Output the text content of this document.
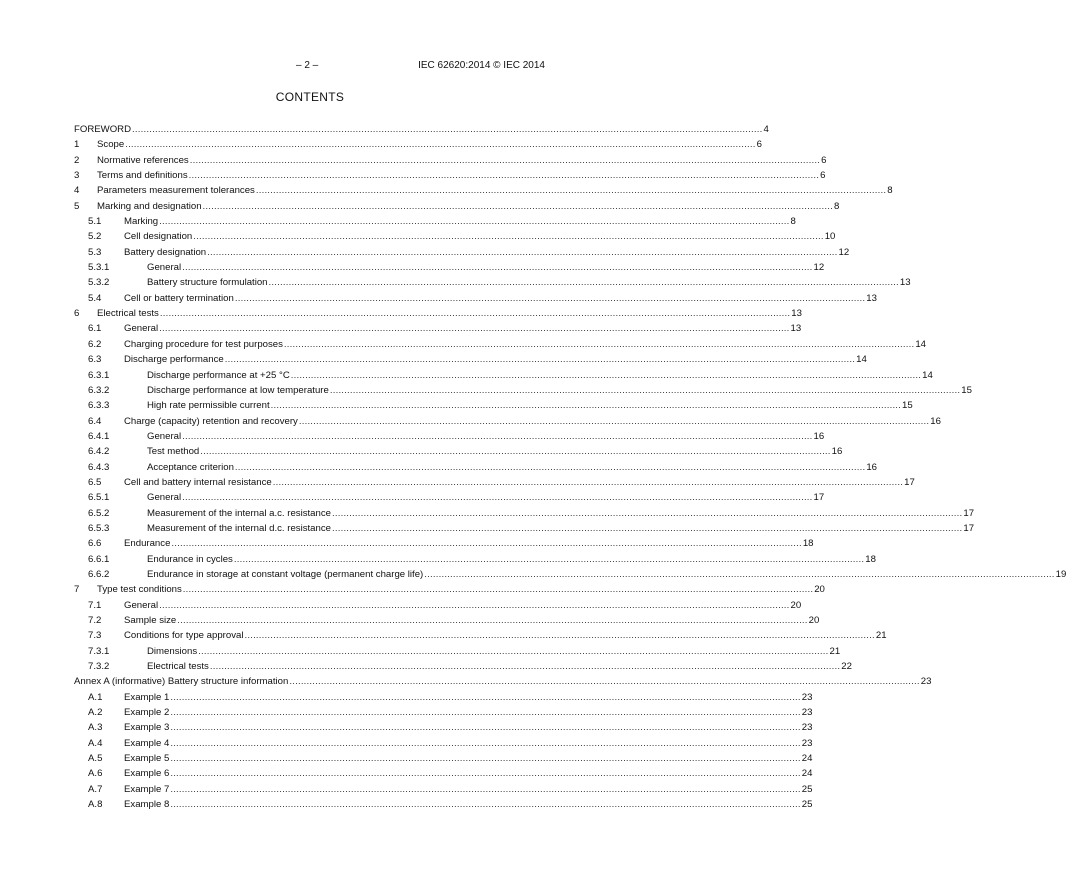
– 2 –	IEC 62620:2014 © IEC 2014
CONTENTS
FOREWORD ............................................................................................................................................................................................................................ 4
1 Scope ............................................................................................................................................................................................................................ 6
2 Normative references ............................................................................................................................................................................................................................ 6
3 Terms and definitions ............................................................................................................................................................................................................................ 6
4 Parameters measurement tolerances ............................................................................................................................................................................................................................ 8
5 Marking and designation ............................................................................................................................................................................................................................ 8
5.1 Marking ............................................................................................................................................................................................................................ 8
5.2 Cell designation ............................................................................................................................................................................................................................ 10
5.3 Battery designation ............................................................................................................................................................................................................................ 12
5.3.1	General ............................................................................................................................................................................................................................ 12
5.3.2	Battery structure formulation ............................................................................................................................................................................................................................ 13
5.4 Cell or battery termination ............................................................................................................................................................................................................................ 13
6 Electrical tests ............................................................................................................................................................................................................................ 13
6.1 General ............................................................................................................................................................................................................................ 13
6.2 Charging procedure for test purposes ............................................................................................................................................................................................................................ 14
6.3 Discharge performance ............................................................................................................................................................................................................................ 14
6.3.1	Discharge performance at +25 °C ............................................................................................................................................................................................................................ 14
6.3.2	Discharge performance at low temperature ............................................................................................................................................................................................................................ 15
6.3.3	High rate permissible current ............................................................................................................................................................................................................................ 15
6.4 Charge (capacity) retention and recovery ............................................................................................................................................................................................................................ 16
6.4.1	General ............................................................................................................................................................................................................................ 16
6.4.2	Test method ............................................................................................................................................................................................................................ 16
6.4.3	Acceptance criterion ............................................................................................................................................................................................................................ 16
6.5 Cell and battery internal resistance ............................................................................................................................................................................................................................ 17
6.5.1	General ............................................................................................................................................................................................................................ 17
6.5.2	Measurement of the internal a.c. resistance ............................................................................................................................................................................................................................ 17
6.5.3	Measurement of the internal d.c. resistance ............................................................................................................................................................................................................................ 17
6.6 Endurance ............................................................................................................................................................................................................................ 18
6.6.1	Endurance in cycles ............................................................................................................................................................................................................................ 18
6.6.2	Endurance in storage at constant voltage (permanent charge life) ............................................................................................................................................................................................................................ 19
7 Type test conditions ............................................................................................................................................................................................................................ 20
7.1 General ............................................................................................................................................................................................................................ 20
7.2 Sample size ............................................................................................................................................................................................................................ 20
7.3 Conditions for type approval ............................................................................................................................................................................................................................ 21
7.3.1	Dimensions ............................................................................................................................................................................................................................ 21
7.3.2	Electrical tests ............................................................................................................................................................................................................................ 22
Annex A (informative) Battery structure information ............................................................................................................................................................................................................................ 23
A.1 Example 1 ............................................................................................................................................................................................................................ 23
A.2 Example 2 ............................................................................................................................................................................................................................ 23
A.3 Example 3 ............................................................................................................................................................................................................................ 23
A.4 Example 4 ............................................................................................................................................................................................................................ 23
A.5 Example 5 ............................................................................................................................................................................................................................ 24
A.6 Example 6 ............................................................................................................................................................................................................................ 24
A.7 Example 7 ............................................................................................................................................................................................................................ 25
A.8 Example 8 ............................................................................................................................................................................................................................ 25
